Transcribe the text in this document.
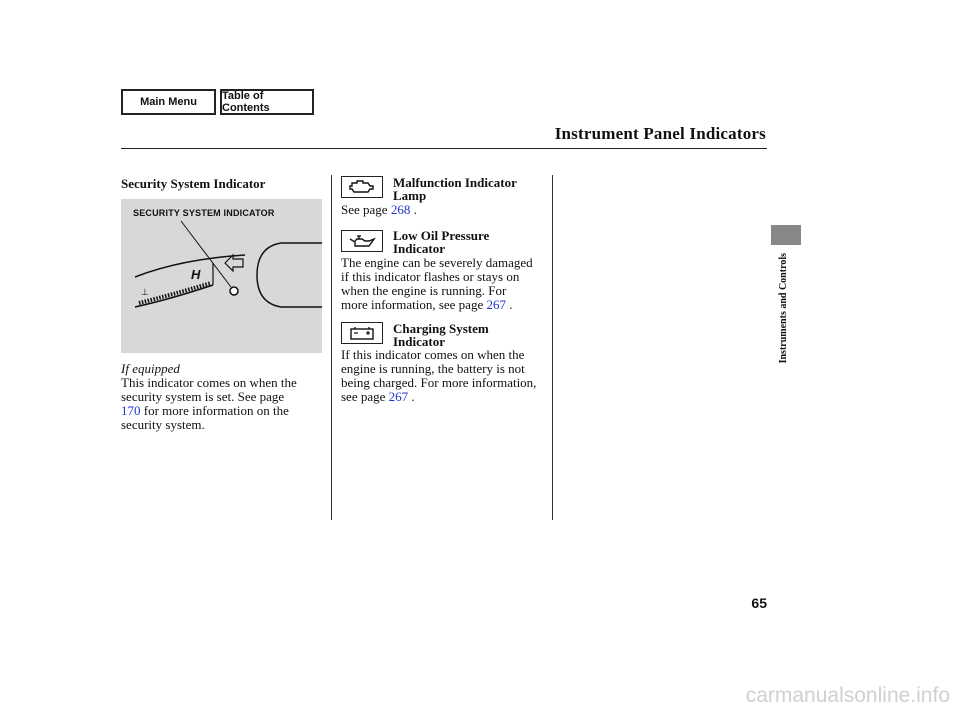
Main Menu	Table of Contents
Instrument Panel Indicators
Security System Indicator
SECURITY SYSTEM INDICATOR
⊥
H
If equipped
This indicator comes on when the
security system is set. See page
170 for more information on the
security system.
Malfunction Indicator
Lamp
See page 268 .
Low Oil Pressure
Indicator
The engine can be severely damaged
if this indicator flashes or stays on
when the engine is running. For
more information, see page 267 .
Charging System
Indicator
If this indicator comes on when the
engine is running, the battery is not
being charged. For more information,
see page 267 .
Instruments and Controls
65
carmanualsonline.info
